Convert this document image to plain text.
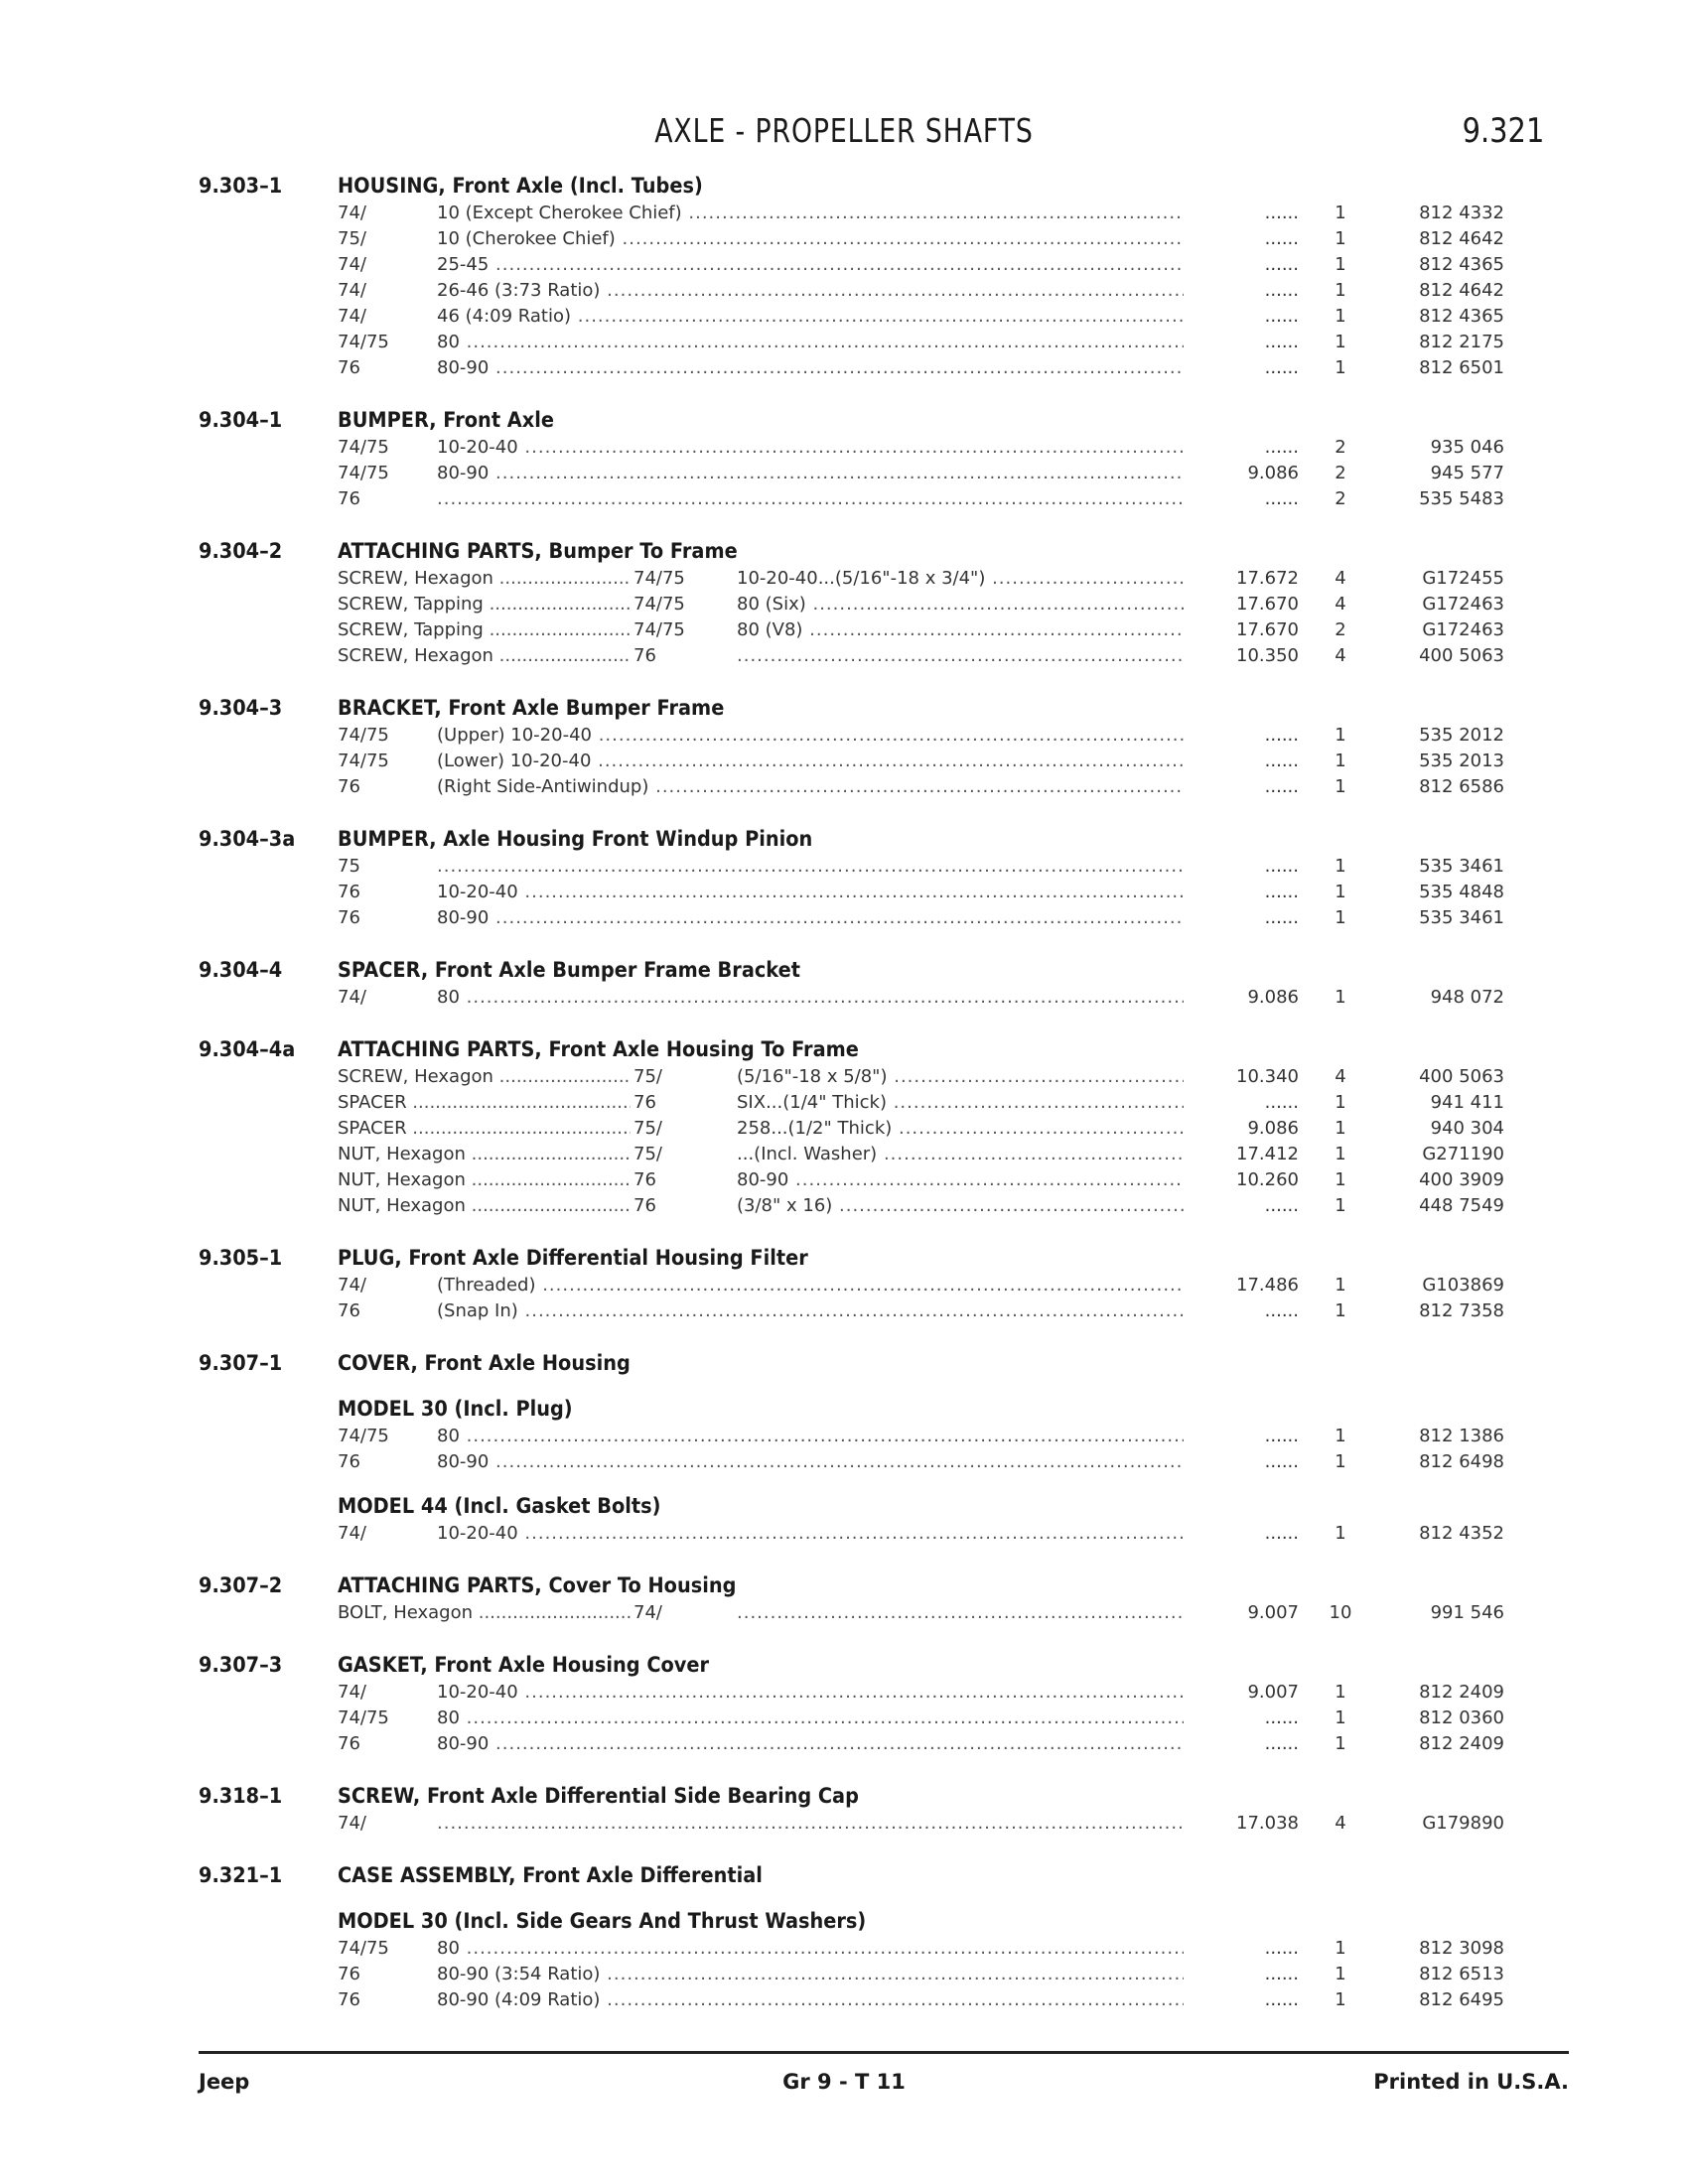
AXLE - PROPELLER SHAFTS	9.321
9.303–1	HOUSING, Front Axle (Incl. Tubes)
74/	10 (Except Cherokee Chief) .....	......	1	812 4332
75/	10 (Cherokee Chief) .....	......	1	812 4642
74/	25-45 .....	......	1	812 4365
74/	26-46 (3:73 Ratio) .....	......	1	812 4642
74/	46 (4:09 Ratio) .....	......	1	812 4365
74/75	80 .....	......	1	812 2175
76	80-90 .....	......	1	812 6501
9.304–1	BUMPER, Front Axle
74/75	10-20-40 .....	......	2	935 046
74/75	80-90 .....	9.086	2	945 577
76 .....	......	2	535 5483
9.304–2	ATTACHING PARTS, Bumper To Frame
SCREW, Hexagon .....	74/75	10-20-40...(5/16"-18 x 3/4") .....	17.672	4	G172455
SCREW, Tapping .....	74/75	80 (Six) .....	17.670	4	G172463
SCREW, Tapping .....	74/75	80 (V8) .....	17.670	2	G172463
SCREW, Hexagon .....	76 .....	10.350	4	400 5063
9.304–3	BRACKET, Front Axle Bumper Frame
74/75	(Upper) 10-20-40 .....	......	1	535 2012
74/75	(Lower) 10-20-40 .....	......	1	535 2013
76	(Right Side-Antiwindup) .....	......	1	812 6586
9.304–3a BUMPER, Axle Housing Front Windup Pinion
75 .....	......	1	535 3461
76	10-20-40 .....	......	1	535 4848
76	80-90 .....	......	1	535 3461
9.304–4	SPACER, Front Axle Bumper Frame Bracket
74/	80 .....	9.086	1	948 072
9.304–4a ATTACHING PARTS, Front Axle Housing To Frame
SCREW, Hexagon .....	75/	(5/16"-18 x 5/8") .....	10.340	4	400 5063
SPACER .....	76	SIX...(1/4" Thick) .....	......	1	941 411
SPACER .....	75/	258...(1/2" Thick) .....	9.086	1	940 304
NUT, Hexagon .....	75/	...(Incl. Washer) .....	17.412	1	G271190
NUT, Hexagon .....	76	80-90 .....	10.260	1	400 3909
NUT, Hexagon .....	76	(3/8" x 16) .....	......	1	448 7549
9.305–1	PLUG, Front Axle Differential Housing Filter
74/	(Threaded) .....	17.486	1	G103869
76	(Snap In) .....	......	1	812 7358
9.307–1	COVER, Front Axle Housing
MODEL 30 (Incl. Plug)
74/75	80 .....	......	1	812 1386
76	80-90 .....	......	1	812 6498
MODEL 44 (Incl. Gasket Bolts)
74/	10-20-40 .....	......	1	812 4352
9.307–2	ATTACHING PARTS, Cover To Housing
BOLT, Hexagon .....	74/ .....	9.007	10	991 546
9.307–3	GASKET, Front Axle Housing Cover
74/	10-20-40 .....	9.007	1	812 2409
74/75	80 .....	......	1	812 0360
76	80-90 .....	......	1	812 2409
9.318–1	SCREW, Front Axle Differential Side Bearing Cap
74/ .....	17.038	4	G179890
9.321–1	CASE ASSEMBLY, Front Axle Differential
MODEL 30 (Incl. Side Gears And Thrust Washers)
74/75	80 .....	......	1	812 3098
76	80-90 (3:54 Ratio) .....	......	1	812 6513
76	80-90 (4:09 Ratio) .....	......	1	812 6495
Jeep	Gr 9 - T 11	Printed in U.S.A.
